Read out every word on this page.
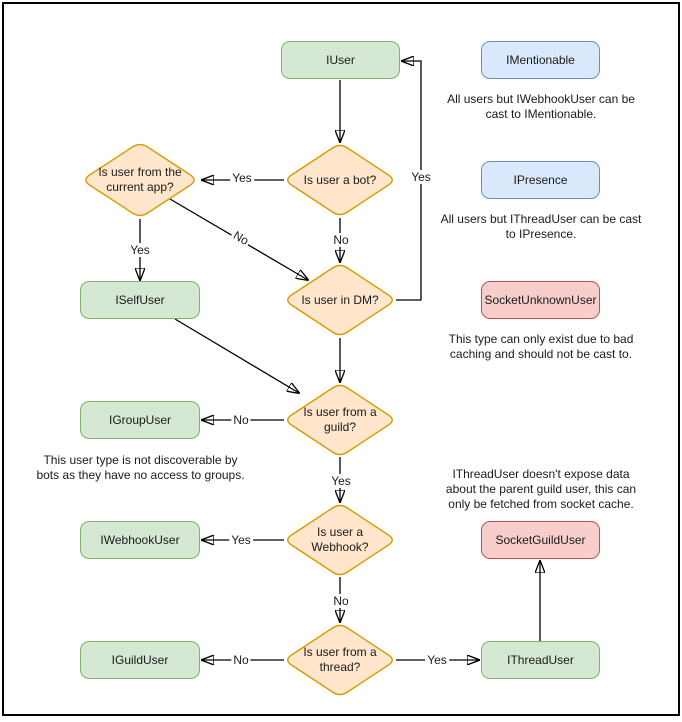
IUser	IMentionable
IPresence
SocketUnknownUser
SocketGuildUser
IThreadUser
ISelfUser
IGroupUser
IWebhookUser
IGuildUser
Is user a bot?
Is user from the current app?
Is user in DM?
Is user from a guild?
Is user a Webhook?
Is user from a thread?
Yes	Yes
No
No
Yes
No
Yes
Yes
No
No	Yes
All users but IWebhookUser can be cast to IMentionable.
All users but IThreadUser can be cast to IPresence.
This type can only exist due to bad caching and should not be cast to.
This user type is not discoverable by bots as they have no access to groups.	IThreadUser doesn't expose data about the parent guild user, this can only be fetched from socket cache.
